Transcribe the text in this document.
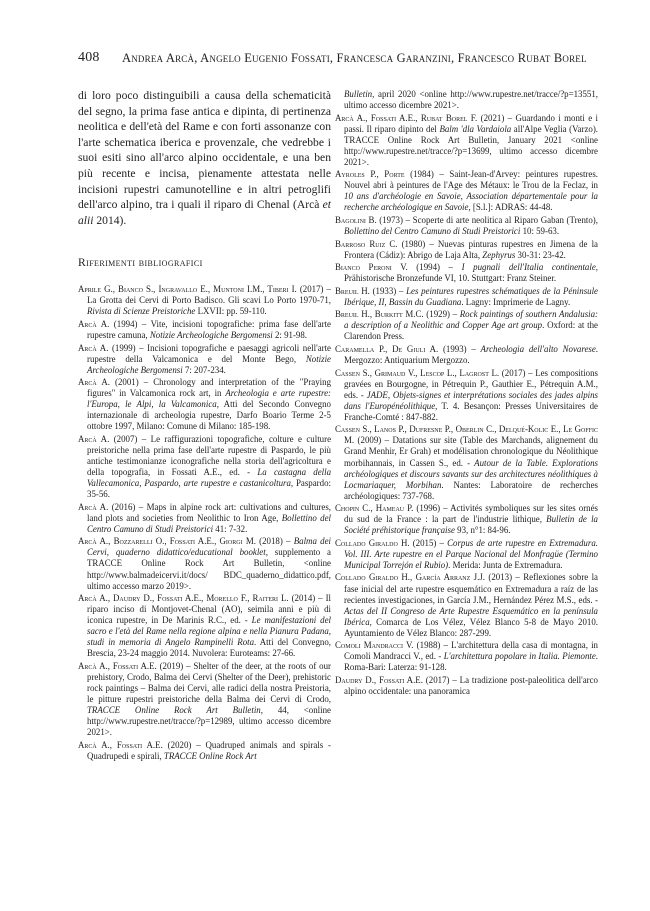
408 Andrea Arcà, Angelo Eugenio Fossati, Francesca Garanzini, Francesco Rubat Borel

di loro poco distinguibili a causa della schematicità del segno, la prima fase antica e dipinta, di pertinenza neolitica e dell'età del Rame e con forti assonanze con l'arte schematica iberica e provenzale, che vedrebbe i suoi esiti sino all'arco alpino occidentale, e una ben più recente e incisa, pienamente attestata nelle incisioni rupestri camunotelline e in altri petroglifi dell'arco alpino, tra i quali il riparo di Chenal (Arcà et alii 2014).

Riferimenti bibliografici

Aprile G., Bianco S., Ingravallo E., Muntoni I.M., Tiberi I. (2017) – La Grotta dei Cervi di Porto Badisco. Gli scavi Lo Porto 1970-71, Rivista di Scienze Preistoriche LXVII: pp. 59-110.

Arcà A. (1994) – Vite, incisioni topografiche: prima fase dell'arte rupestre camuna, Notizie Archeologiche Bergomensi 2: 91-98.

Arcà A. (1999) – Incisioni topografiche e paesaggi agricoli nell'arte rupestre della Valcamonica e del Monte Bego, Notizie Archeologiche Bergomensi 7: 207-234.

Arcà A. (2001) – Chronology and interpretation of the "Praying figures" in Valcamonica rock art, in Archeologia e arte rupestre: l'Europa, le Alpi, la Valcamonica, Atti del Secondo Convegno internazionale di archeologia rupestre, Darfo Boario Terme 2-5 ottobre 1997, Milano: Comune di Milano: 185-198.

Arcà A. (2007) – Le raffigurazioni topografiche, colture e culture preistoriche nella prima fase dell'arte rupestre di Paspardo, le più antiche testimonianze iconografiche nella storia dell'agricoltura e della topografia, in Fossati A.E., ed. - La castagna della Vallecamonica, Paspardo, arte rupestre e castanicoltura, Paspardo: 35-56.

Arcà A. (2016) – Maps in alpine rock art: cultivations and cultures, land plots and societies from Neolithic to Iron Age, Bollettino del Centro Camuno di Studi Preistorici 41: 7-32.

Arcà A., Bozzarelli O., Fossati A.E., Giorgi M. (2018) – Balma dei Cervi, quaderno didattico/educational booklet, supplemento a TRACCE Online Rock Art Bulletin, <online http://www.balmadeicervi.it/docs/ BDC_quaderno_didattico.pdf, ultimo accesso marzo 2019>.

Arcà A., Daudry D., Fossati A.E., Morello F., Raiteri L. (2014) – Il riparo inciso di Montjovet-Chenal (AO), seimila anni e più di iconica rupestre, in De Marinis R.C., ed. - Le manifestazioni del sacro e l'età del Rame nella regione alpina e nella Pianura Padana, studi in memoria di Angelo Rampinelli Rota. Atti del Convegno, Brescia, 23-24 maggio 2014. Nuvolera: Euroteams: 27-66.

Arcà A., Fossati A.E. (2019) – Shelter of the deer, at the roots of our prehistory, Crodo, Balma dei Cervi (Shelter of the Deer), prehistoric rock paintings – Balma dei Cervi, alle radici della nostra Preistoria, le pitture rupestri preistoriche della Balma dei Cervi di Crodo, TRACCE Online Rock Art Bulletin, 44, <online http://www.rupestre.net/tracce/?p=12989, ultimo accesso dicembre 2021>.

Arcà A., Fossati A.E. (2020) – Quadruped animals and spirals - Quadrupedi e spirali, TRACCE Online Rock Art

Bulletin, april 2020 <online http://www.rupestre.net/tracce/?p=13551, ultimo accesso dicembre 2021>.

Arcà A., Fossati A.E., Rubat Borel F. (2021) – Guardando i monti e i passi. Il riparo dipinto del Balm 'dla Vardaiola all'Alpe Veglia (Varzo). TRACCE Online Rock Art Bulletin, January 2021 <online http://www.rupestre.net/tracce/?p=13699, ultimo accesso dicembre 2021>.

Ayroles P., Porte (1984) – Saint-Jean-d'Arvey: peintures rupestres. Nouvel abri à peintures de l'Age des Métaux: le Trou de la Feclaz, in 10 ans d'archéologie en Savoie, Association départementale pour la recherche archéologique en Savoie, [S.l.]: ADRAS: 44-48.

Bagolini B. (1973) – Scoperte di arte neolitica al Riparo Gaban (Trento), Bollettino del Centro Camuno di Studi Preistorici 10: 59-63.

Barroso Ruiz C. (1980) – Nuevas pinturas rupestres en Jimena de la Frontera (Cádiz): Abrigo de Laja Alta, Zephyrus 30-31: 23-42.

Bianco Peroni V. (1994) – I pugnali dell'Italia continentale, Prähistorische Bronzefunde VI, 10. Stuttgart: Franz Steiner.

Breuil H. (1933) – Les peintures rupestres schématiques de la Péninsule Ibérique, II, Bassin du Guadiana. Lagny: Imprimerie de Lagny.

Breuil H., Burkitt M.C. (1929) – Rock paintings of southern Andalusia: a description of a Neolithic and Copper Age art group. Oxford: at the Clarendon Press.

Caramella P., De Giuli A. (1993) – Archeologia dell'alto Novarese. Mergozzo: Antiquarium Mergozzo.

Cassen S., Grimaud V., Lescop L., Lagrost L. (2017) – Les compositions gravées en Bourgogne, in Pétrequin P., Gauthier E., Pétrequin A.M., eds. - JADE, Objets-signes et interprétations sociales des jades alpins dans l'Europénéolithique, T. 4. Besançon: Presses Universitaires de Franche-Comté : 847-882.

Cassen S., Lanos P., Dufresne P., Oberlin C., Delqué-Kolic E., Le Goffic M. (2009) – Datations sur site (Table des Marchands, alignement du Grand Menhir, Er Grah) et modélisation chronologique du Néolithique morbihannais, in Cassen S., ed. - Autour de la Table. Explorations archéologiques et discours savants sur des architectures néolithiques à Locmariaquer, Morbihan. Nantes: Laboratoire de recherches archéologiques: 737-768.

Chopin C., Hameau P. (1996) – Activités symboliques sur les sites ornés du sud de la France : la part de l'industrie lithique, Bulletin de la Société préhistorique française 93, n°1: 84-96.

Collado Giraldo H. (2015) – Corpus de arte rupestre en Extremadura. Vol. III. Arte rupestre en el Parque Nacional del Monfragüe (Termino Municipal Torrejón el Rubio). Merida: Junta de Extremadura.

Collado Giraldo H., García Arranz J.J. (2013) – Reflexiones sobre la fase inicial del arte rupestre esquemático en Extremadura a raíz de las recientes investigaciones, in García J.M., Hernández Pérez M.S., eds. - Actas del II Congreso de Arte Rupestre Esquemático en la península Ibérica, Comarca de Los Vélez, Vélez Blanco 5-8 de Mayo 2010. Ayuntamiento de Vélez Blanco: 287-299.

Comoli Mandracci V. (1988) – L'architettura della casa di montagna, in Comoli Mandracci V., ed. - L'architettura popolare in Italia. Piemonte. Roma-Bari: Laterza: 91-128.

Daudry D., Fossati A.E. (2017) – La tradizione post-paleolitica dell'arco alpino occidentale: una panoramica
